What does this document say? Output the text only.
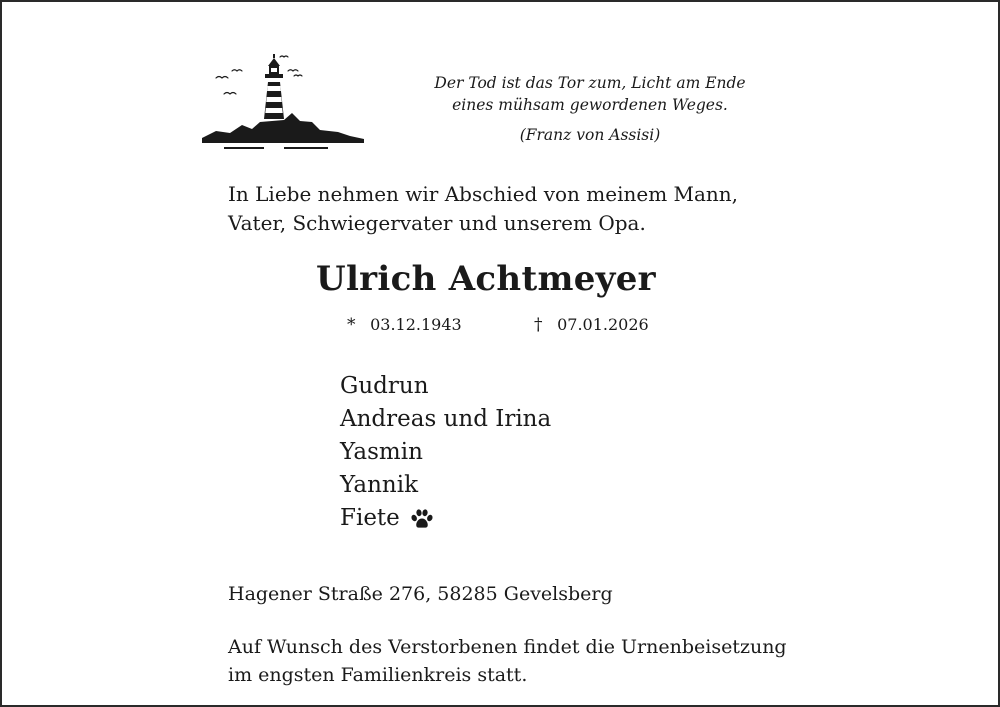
Der Tod ist das Tor zum, Licht am Ende
eines mühsam gewordenen Weges.
(Franz von Assisi)
In Liebe nehmen wir Abschied von meinem Mann,
Vater, Schwiegervater und unserem Opa.
Ulrich Achtmeyer
* 03.12.1943	† 07.01.2026
Gudrun
Andreas und Irina
Yasmin
Yannik
Fiete
Hagener Straße 276, 58285 Gevelsberg
Auf Wunsch des Verstorbenen findet die Urnenbeisetzung
im engsten Familienkreis statt.
